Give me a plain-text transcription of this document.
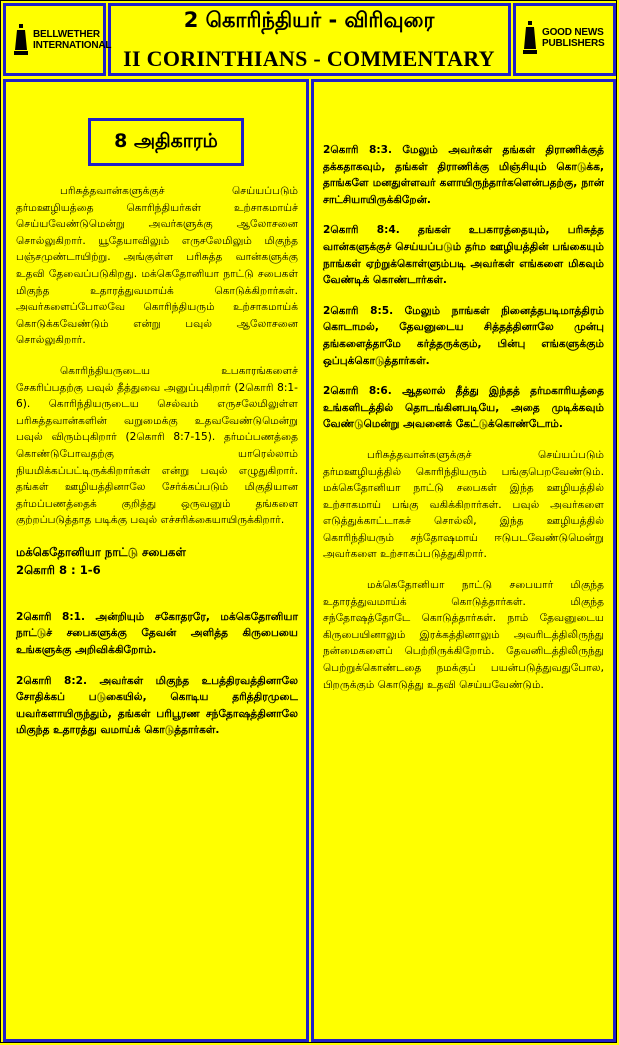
BELLWETHER INTERNATIONAL
GOOD NEWS PUBLISHERS
2 கொரிந்தியர் - விரிவுரை
II CORINTHIANS - COMMENTARY
8 அதிகாரம்

பரிசுத்தவான்களுக்குச் செய்யப்படும் தர்மஊழியத்தை கொரிந்தியர்கள் உற்சாகமாய்ச் செய்யவேண்டுமென்று அவர்களுக்கு ஆலோசனை சொல்லுகிறார். யூதேயாவிலும் எருசலேமிலும் மிகுந்த பஞ்சமுண்டாயிற்று. அங்குள்ள பரிசுத்த வான்களுக்கு உதவி தேவைப்படுகிறது. மக்கெதோனியா நாட்டு சபைகள் மிகுந்த உதாரத்துவமாய்க் கொடுக்கிறார்கள். அவர்களைப்போலவே கொரிந்தியரும் உற்சாகமாய்க் கொடுக்கவேண்டும் என்று பவுல் ஆலோசனை சொல்லுகிறார்.

கொரிந்தியருடைய உபகாரங்களைச் சேகரிப்பதற்கு பவுல் தீத்துவை அனுப்புகிறார் (2கொரி 8:1-6). கொரிந்தியருடைய செல்வம் எருசலேமிலுள்ள பரிசுத்தவான்களின் வறுமைக்கு உதவவேண்டுமென்று பவுல் விரும்புகிறார் (2கொரி 8:7-15). தர்மப்பணத்தை கொண்டுபோவதற்கு யாரெல்லாம் நியமிக்கப்பட்டிருக்கிறார்கள் என்று பவுல் எழுதுகிறார். தங்கள் ஊழியத்தினாலே சேர்க்கப்படும் மிகுதியான தர்மப்பணத்தைக் குறித்து ஒருவனும் தங்களை குற்றப்படுத்தாத படிக்கு பவுல் எச்சரிக்கையாயிருக்கிறார்.

மக்கெதோனியா நாட்டு சபைகள்

2கொரி 8 : 1-6

2கொரி 8:1. அன்றியும் சகோதரரே, மக்கெதோனியா நாட்டுச் சபைகளுக்கு தேவன் அளித்த கிருபையை உங்களுக்கு அறிவிக்கிறோம்.

2கொரி 8:2. அவர்கள் மிகுந்த உபத்திரவத்தினாலே சோதிக்கப் படுகையில், கொடிய தரித்திரமுடை யவர்களாயிருந்தும், தங்கள் பரிபூரண சந்தோஷத்தினாலே மிகுந்த உதாரத்து வமாய்க் கொடுத்தார்கள்.

2கொரி 8:3. மேலும் அவர்கள் தங்கள் திராணிக்குத் தக்கதாகவும், தங்கள் திராணிக்கு மிஞ்சியும் கொடுக்க, தாங்களே மனதுள்ளவர் களாயிருந்தார்களென்பதற்கு, நான் சாட்சியாயிருக்கிறேன்.

2கொரி 8:4. தங்கள் உபகாரத்தையும், பரிசுத்த வான்களுக்குச் செய்யப்படும் தர்ம ஊழியத்தின் பங்கையும் நாங்கள் ஏற்றுக்கொள்ளும்படி அவர்கள் எங்களை மிகவும் வேண்டிக் கொண்டார்கள்.

2கொரி 8:5. மேலும் நாங்கள் நினைத்தபடிமாத்திரம் கொடாமல், தேவனுடைய சித்தத்தினாலே முன்பு தங்களைத்தாமே கர்த்தருக்கும், பின்பு எங்களுக்கும் ஒப்புக்கொடுத்தார்கள்.

2கொரி 8:6. ஆதலால் தீத்து இந்தத் தர்மகாரியத்தை உங்களிடத்தில் தொடங்கினபடியே, அதை முடிக்கவும் வேண்டுமென்று அவனைக் கேட்டுக்கொண்டோம்.

பரிசுத்தவான்களுக்குச் செய்யப்படும் தர்மஊழியத்தில் கொரிந்தியரும் பங்குபெறவேண்டும். மக்கெதோனியா நாட்டு சபைகள் இந்த ஊழியத்தில் உற்சாகமாய் பங்கு வகிக்கிறார்கள். பவுல் அவர்களை எடுத்துக்காட்டாகச் சொல்லி, இந்த ஊழியத்தில் கொரிந்தியரும் சந்தோஷமாய் ஈடுபடவேண்டுமென்று அவர்களை உற்சாகப்படுத்துகிறார்.

மக்கெதோனியா நாட்டு சபையார் மிகுந்த உதாரத்துவமாய்க் கொடுத்தார்கள். மிகுந்த சந்தோஷத்தோடே கொடுத்தார்கள். நாம் தேவனுடைய கிருபையினாலும் இரக்கத்தினாலும் அவரிடத்திலிருந்து நன்மைகளைப் பெற்றிருக்கிறோம். தேவனிடத்திலிருந்து பெற்றுக்கொண்டதை நமக்குப் பயன்படுத்துவதுபோல, பிறருக்கும் கொடுத்து உதவி செய்யவேண்டும்.
